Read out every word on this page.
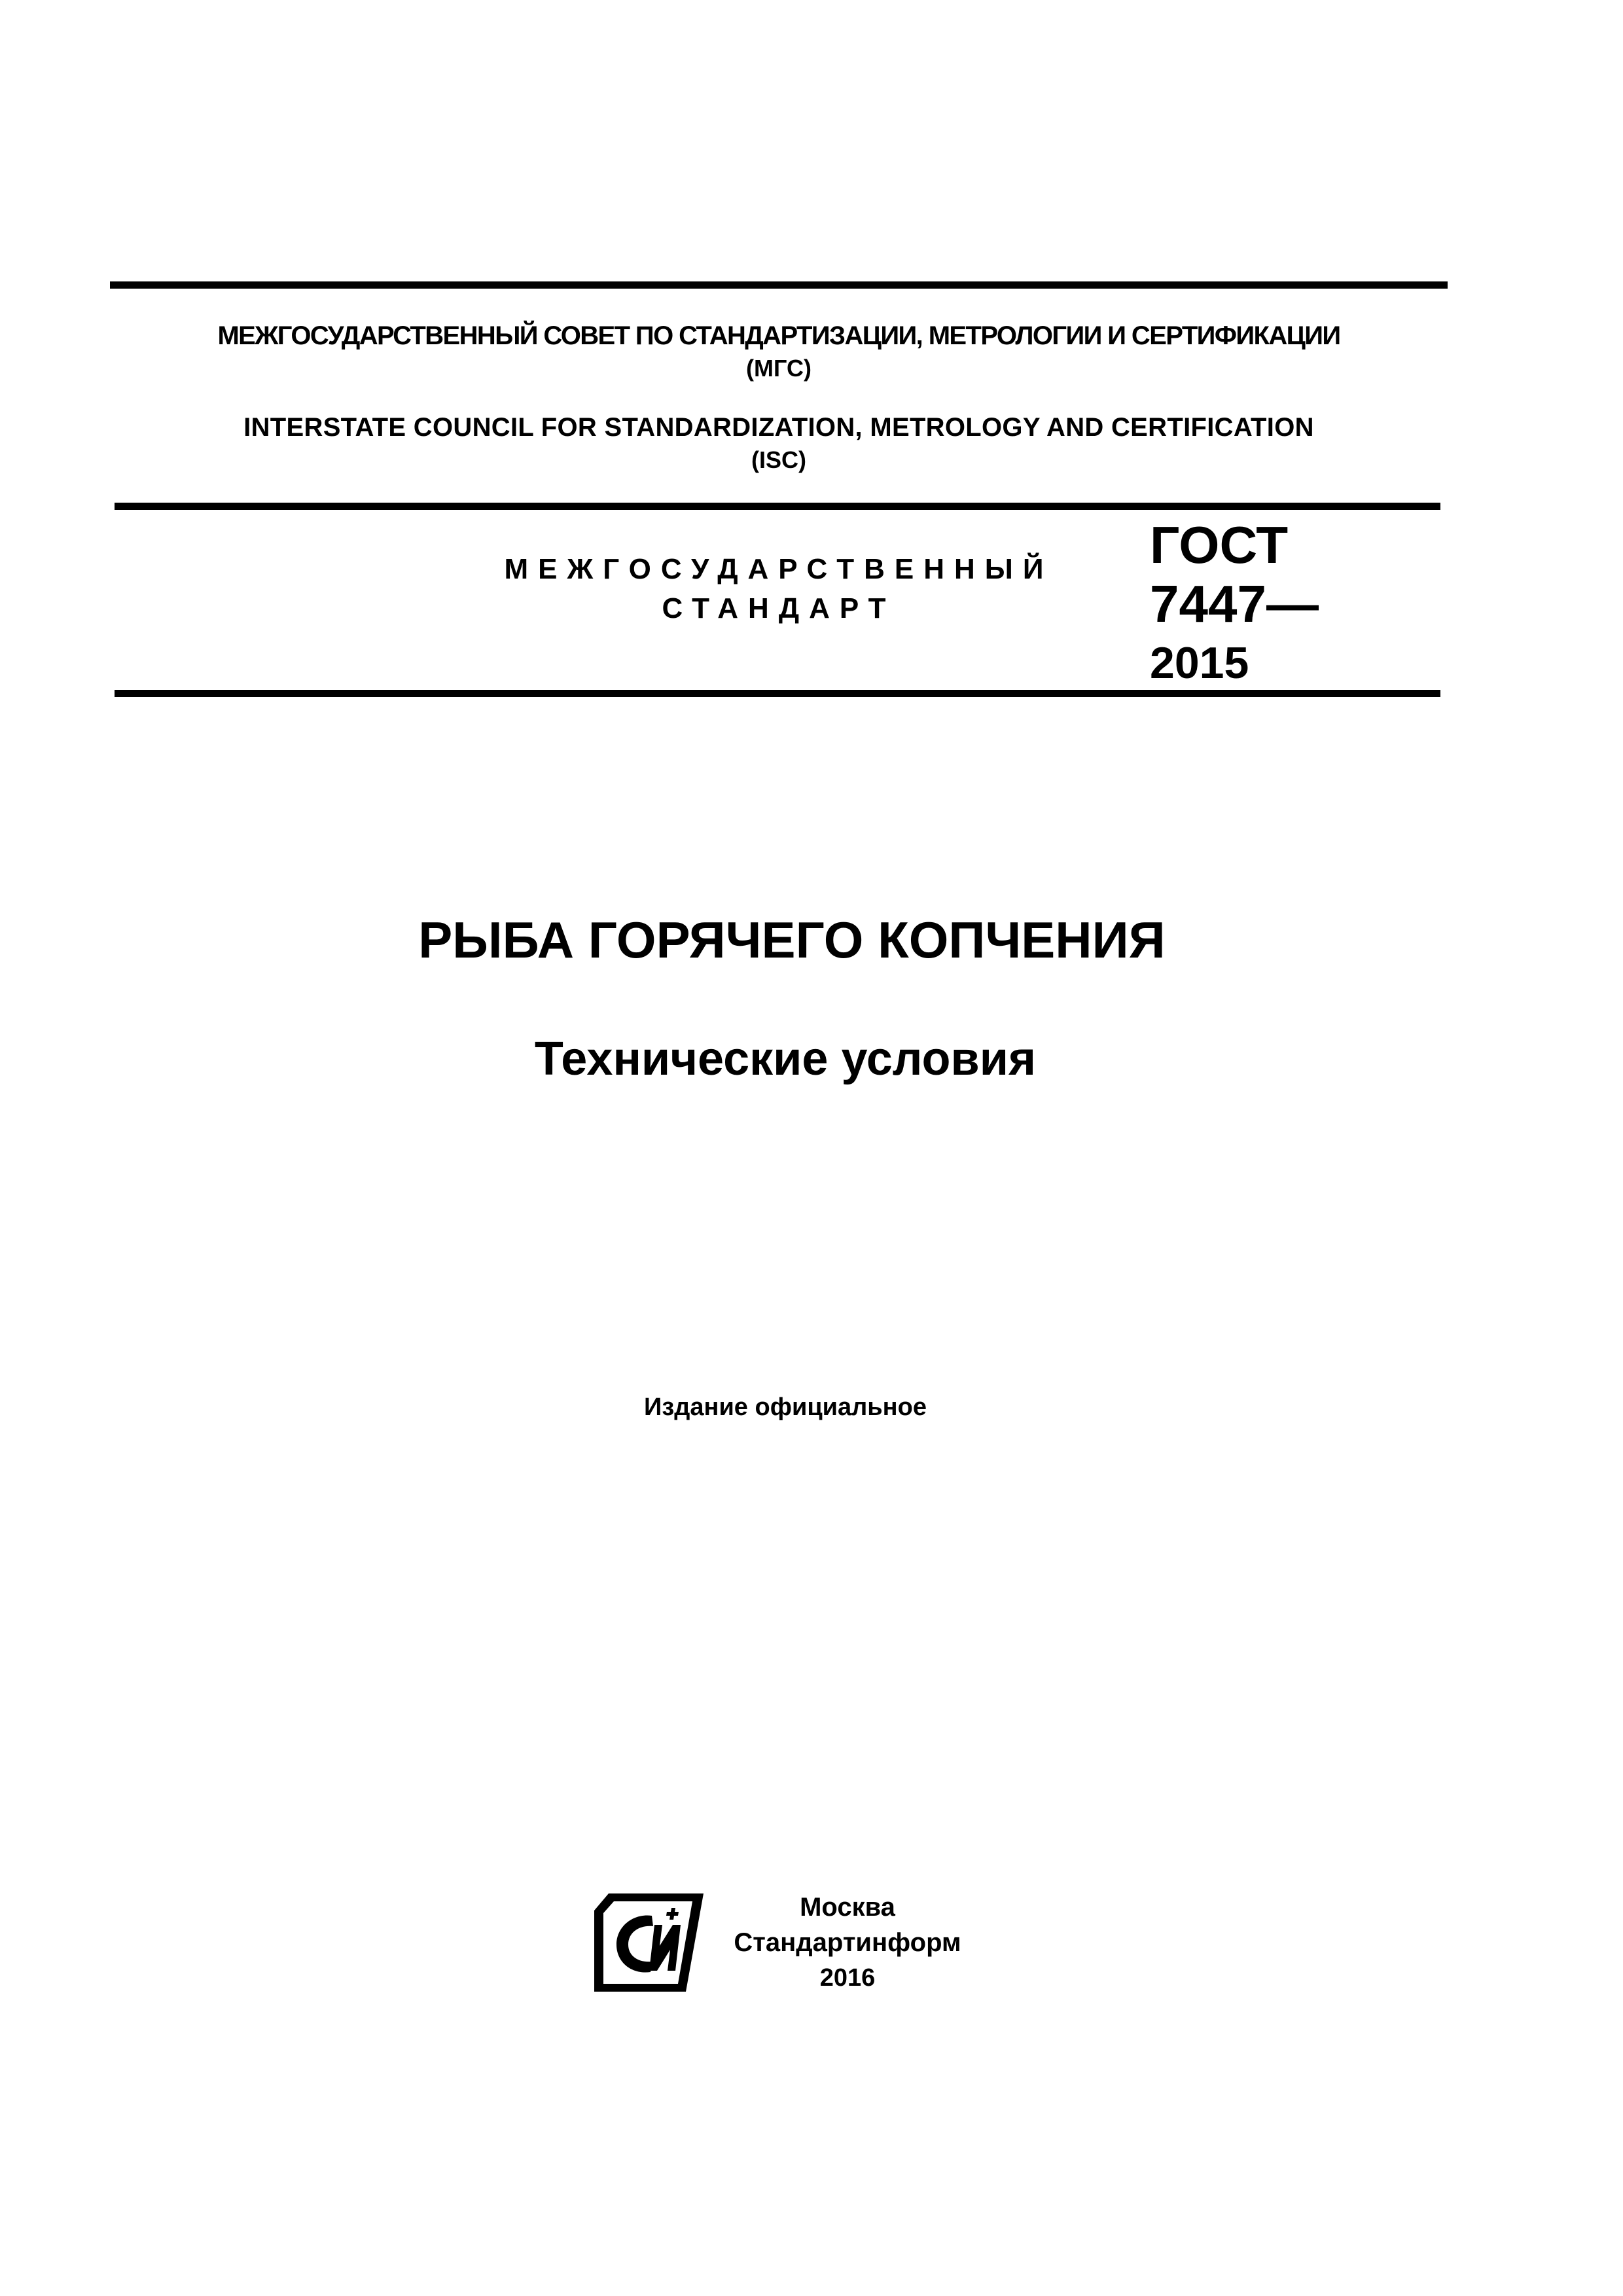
МЕЖГОСУДАРСТВЕННЫЙ СОВЕТ ПО СТАНДАРТИЗАЦИИ, МЕТРОЛОГИИ И СЕРТИФИКАЦИИ
(МГС)
INTERSTATE COUNCIL FOR STANDARDIZATION, METROLOGY AND CERTIFICATION
(ISC)
МЕЖГОСУДАРСТВЕННЫЙ
СТАНДАРТ
ГОСТ
7447—
2015
РЫБА ГОРЯЧЕГО КОПЧЕНИЯ
Технические условия
Издание официальное
Москва
Стандартинформ
2016
